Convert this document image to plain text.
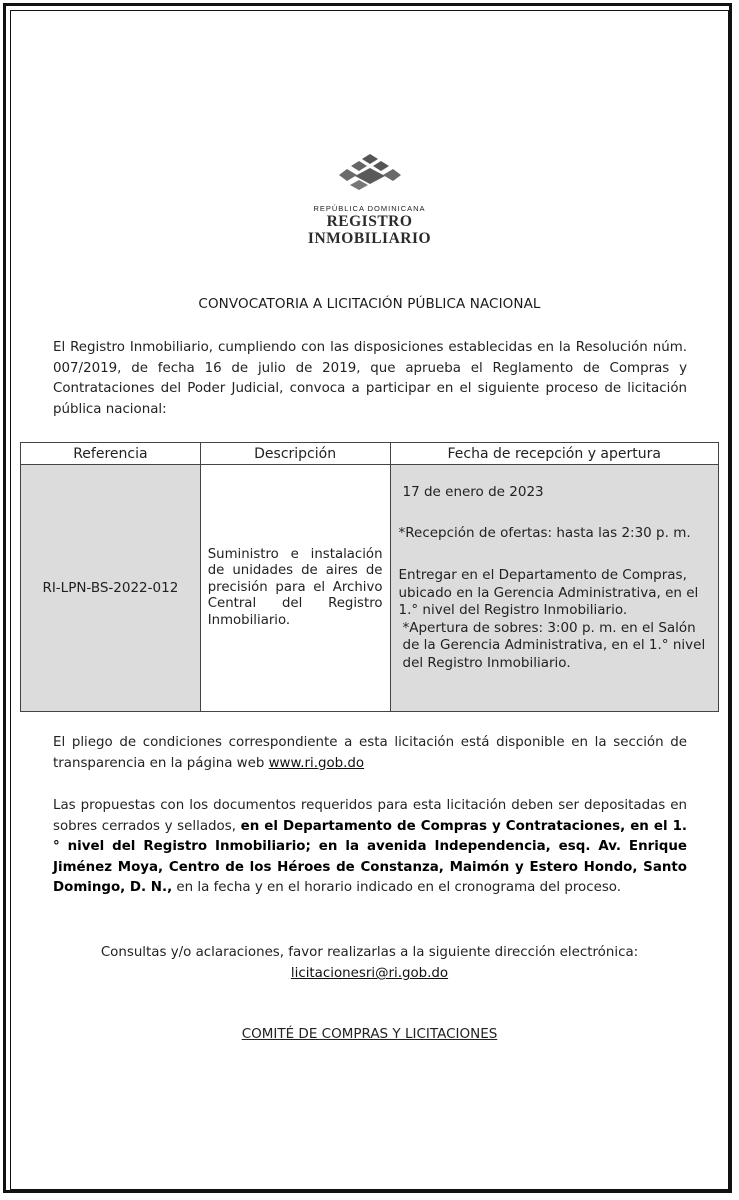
REPÚBLICA DOMINICANA
REGISTRO
INMOBILIARIO
CONVOCATORIA A LICITACIÓN PÚBLICA NACIONAL
El Registro Inmobiliario, cumpliendo con las disposiciones establecidas en la Resolución núm. 007/2019, de fecha 16 de julio de 2019, que aprueba el Reglamento de Compras y Contrataciones del Poder Judicial, convoca a participar en el siguiente proceso de licitación pública nacional:
Referencia	Descripción	Fecha de recepción y apertura
RI-LPN-BS-2022-012	Suministro e instalación de unidades de aires de precisión para el Archivo Central del Registro Inmobiliario.	17 de enero de 2023
*Recepción de ofertas: hasta las 2:30 p. m.
Entregar en el Departamento de Compras, ubicado en la Gerencia Administrativa, en el 1.° nivel del Registro Inmobiliario.
*Apertura de sobres: 3:00 p. m. en el Salón de la Gerencia Administrativa, en el 1.° nivel del Registro Inmobiliario.
El pliego de condiciones correspondiente a esta licitación está disponible en la sección de transparencia en la página web www.ri.gob.do
Las propuestas con los documentos requeridos para esta licitación deben ser depositadas en sobres cerrados y sellados, en el Departamento de Compras y Contrataciones, en el 1.° nivel del Registro Inmobiliario; en la avenida Independencia, esq. Av. Enrique Jiménez Moya, Centro de los Héroes de Constanza, Maimón y Estero Hondo, Santo Domingo, D. N., en la fecha y en el horario indicado en el cronograma del proceso.
Consultas y/o aclaraciones, favor realizarlas a la siguiente dirección electrónica:
licitacionesri@ri.gob.do
COMITÉ DE COMPRAS Y LICITACIONES
